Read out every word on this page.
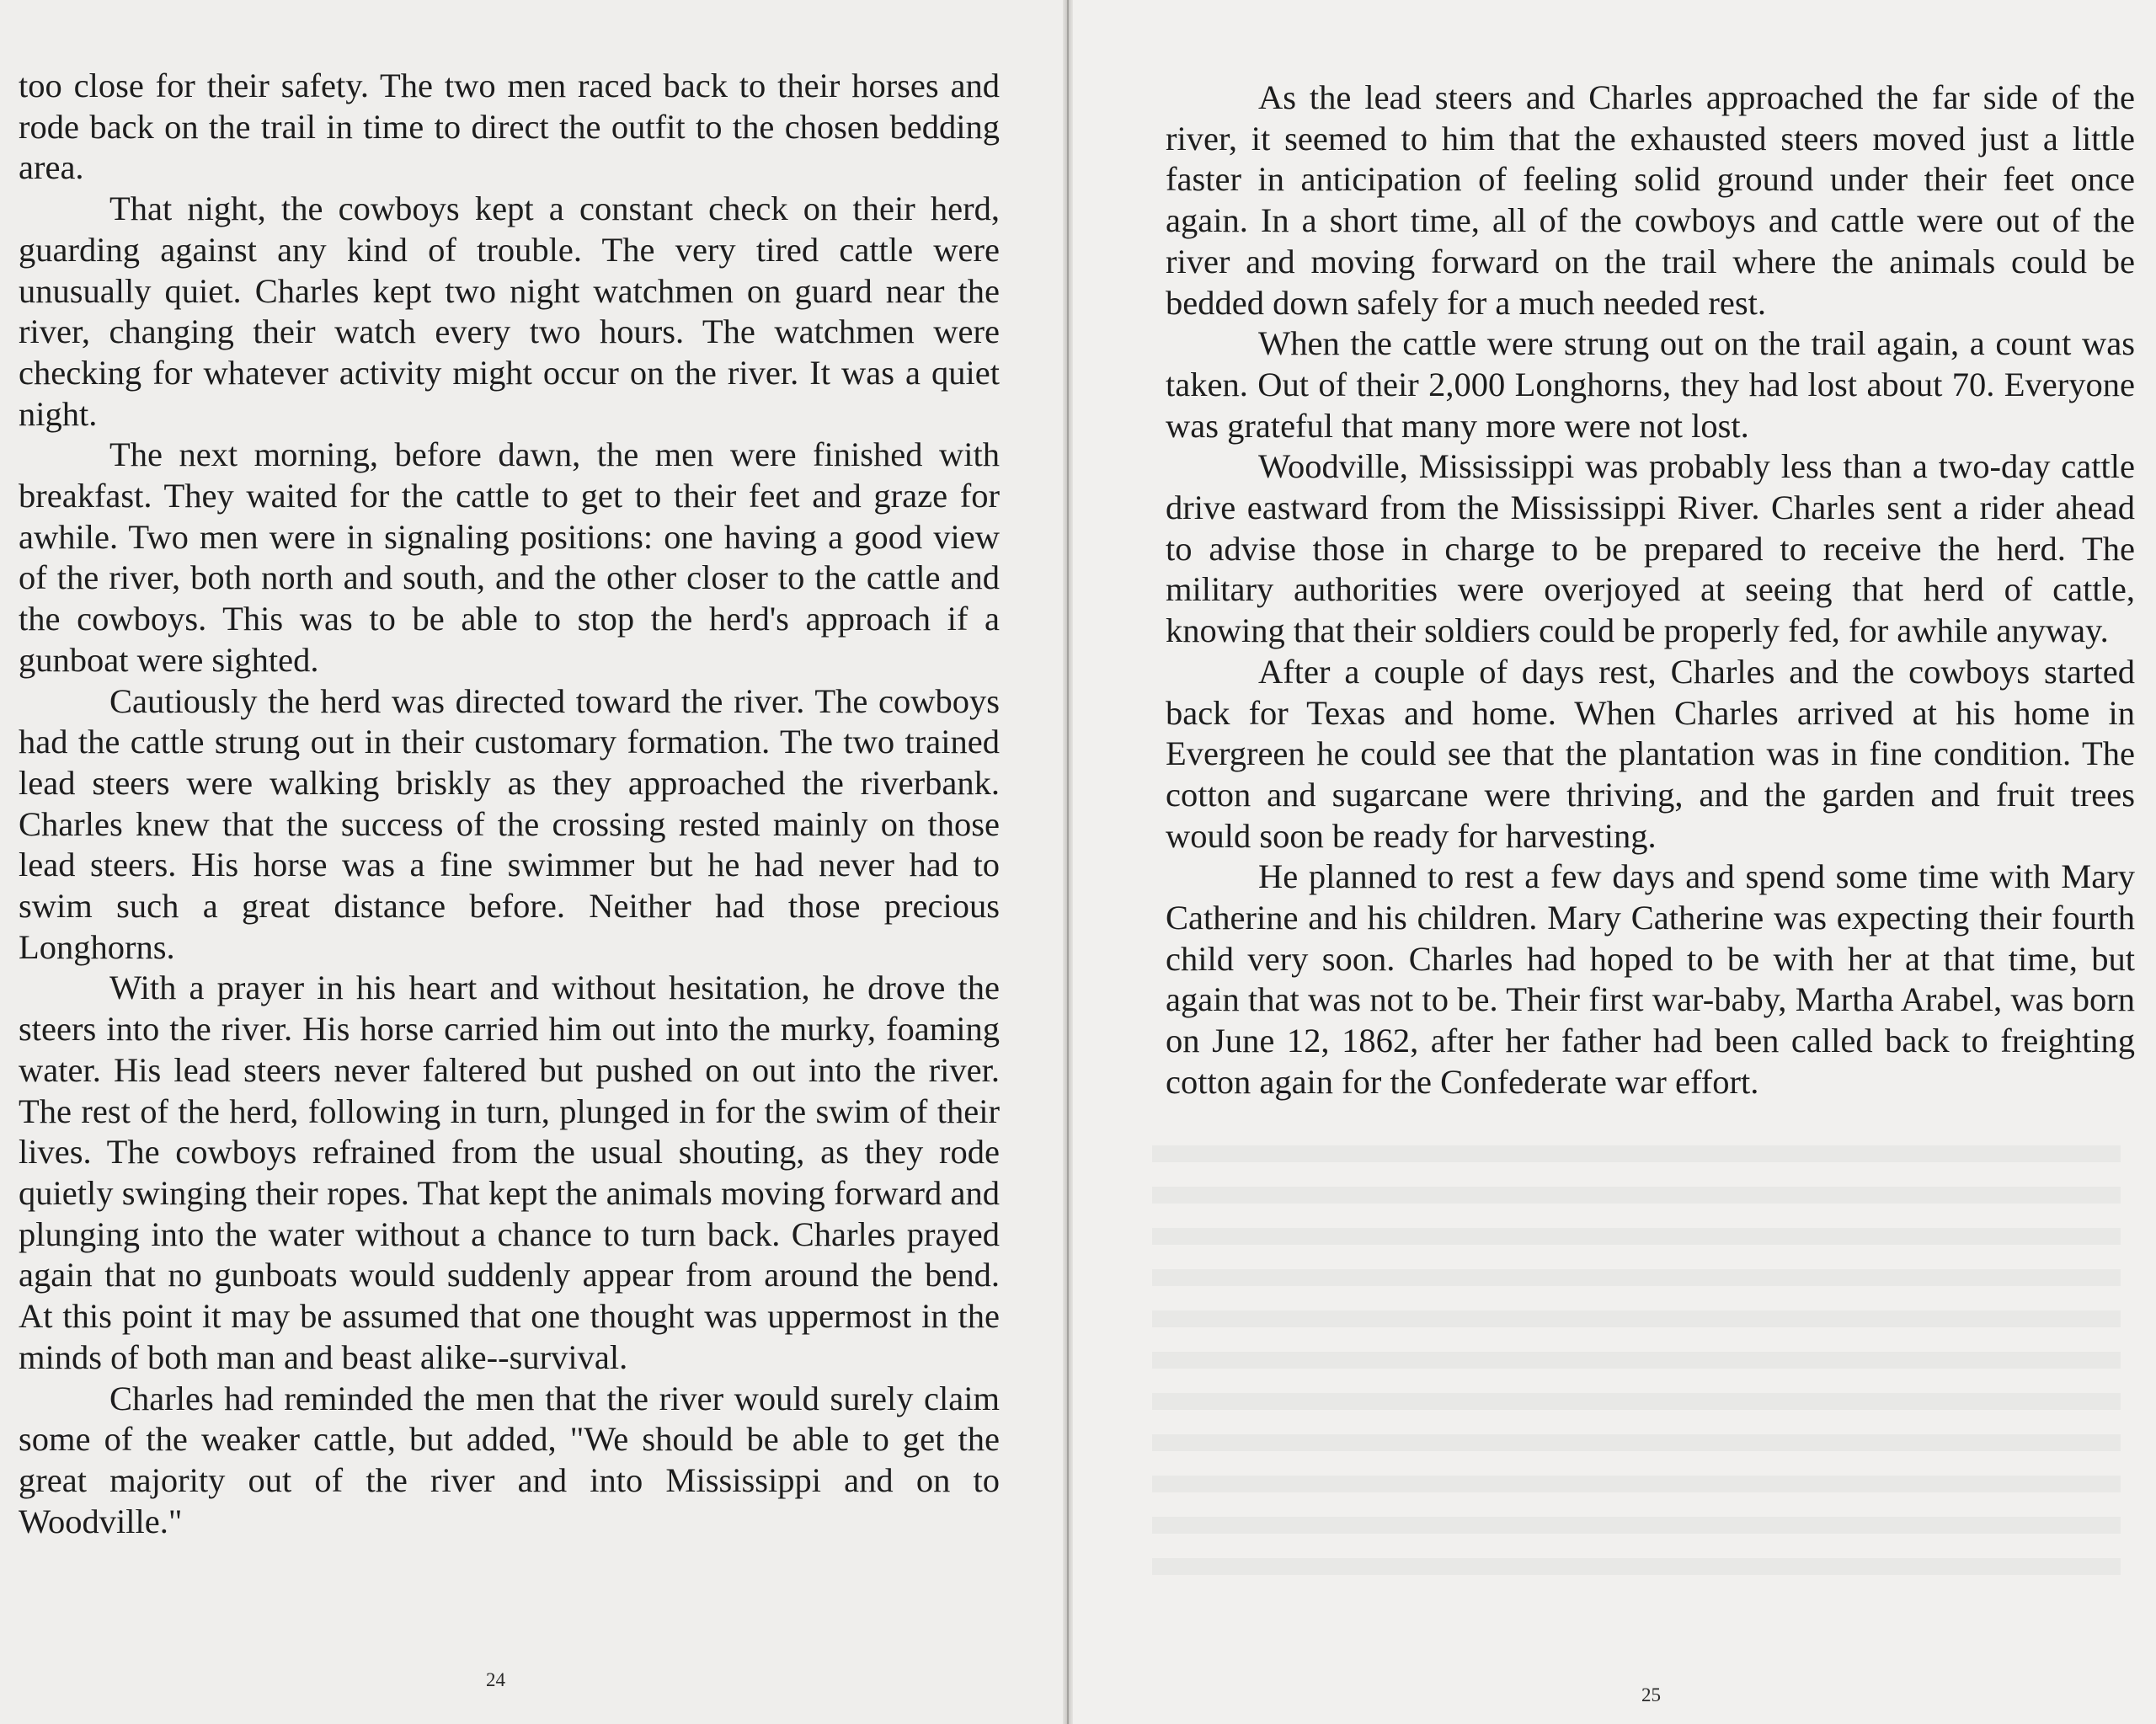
too close for their safety. The two men raced back to their horses and rode back on the trail in time to direct the outfit to the chosen bedding area.

That night, the cowboys kept a constant check on their herd, guarding against any kind of trouble. The very tired cattle were unusually quiet. Charles kept two night watchmen on guard near the river, changing their watch every two hours. The watchmen were checking for whatever activity might occur on the river. It was a quiet night.

The next morning, before dawn, the men were finished with breakfast. They waited for the cattle to get to their feet and graze for awhile. Two men were in signaling positions: one having a good view of the river, both north and south, and the other closer to the cattle and the cowboys. This was to be able to stop the herd's approach if a gunboat were sighted.

Cautiously the herd was directed toward the river. The cowboys had the cattle strung out in their customary formation. The two trained lead steers were walking briskly as they approached the riverbank. Charles knew that the success of the crossing rested mainly on those lead steers. His horse was a fine swimmer but he had never had to swim such a great distance before. Neither had those precious Longhorns.

With a prayer in his heart and without hesitation, he drove the steers into the river. His horse carried him out into the murky, foaming water. His lead steers never faltered but pushed on out into the river. The rest of the herd, following in turn, plunged in for the swim of their lives. The cowboys refrained from the usual shouting, as they rode quietly swinging their ropes. That kept the animals moving forward and plunging into the water without a chance to turn back. Charles prayed again that no gunboats would suddenly appear from around the bend. At this point it may be assumed that one thought was uppermost in the minds of both man and beast alike--survival.

Charles had reminded the men that the river would surely claim some of the weaker cattle, but added, "We should be able to get the great majority out of the river and into Mississippi and on to Woodville."

24

As the lead steers and Charles approached the far side of the river, it seemed to him that the exhausted steers moved just a little faster in anticipation of feeling solid ground under their feet once again. In a short time, all of the cowboys and cattle were out of the river and moving forward on the trail where the animals could be bedded down safely for a much needed rest.

When the cattle were strung out on the trail again, a count was taken. Out of their 2,000 Longhorns, they had lost about 70. Everyone was grateful that many more were not lost.

Woodville, Mississippi was probably less than a two-day cattle drive eastward from the Mississippi River. Charles sent a rider ahead to advise those in charge to be prepared to receive the herd. The military authorities were overjoyed at seeing that herd of cattle, knowing that their soldiers could be properly fed, for awhile anyway.

After a couple of days rest, Charles and the cowboys started back for Texas and home. When Charles arrived at his home in Evergreen he could see that the plantation was in fine condition. The cotton and sugarcane were thriving, and the garden and fruit trees would soon be ready for harvesting.

He planned to rest a few days and spend some time with Mary Catherine and his children. Mary Catherine was expecting their fourth child very soon. Charles had hoped to be with her at that time, but again that was not to be. Their first war-baby, Martha Arabel, was born on June 12, 1862, after her father had been called back to freighting cotton again for the Confederate war effort.

25
